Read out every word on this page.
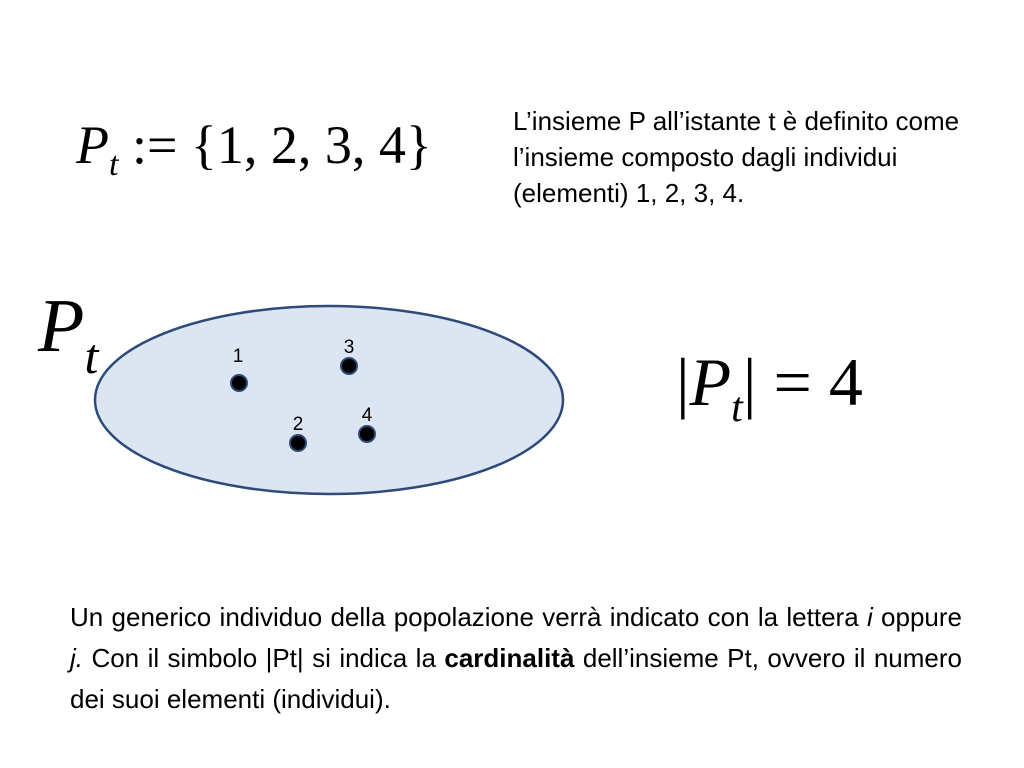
$P_t$ := {1, 2, 3, 4}	L’insieme P all’istante t è definito come l’insieme composto dagli individui (elementi) 1, 2, 3, 4.
$P_t$	1
2
3
4	$|P_t| = 4$
Un generico individuo della popolazione verrà indicato con la lettera i oppure j. Con il simbolo |Pt| si indica la cardinalità dell’insieme Pt, ovvero il numero dei suoi elementi (individui).
